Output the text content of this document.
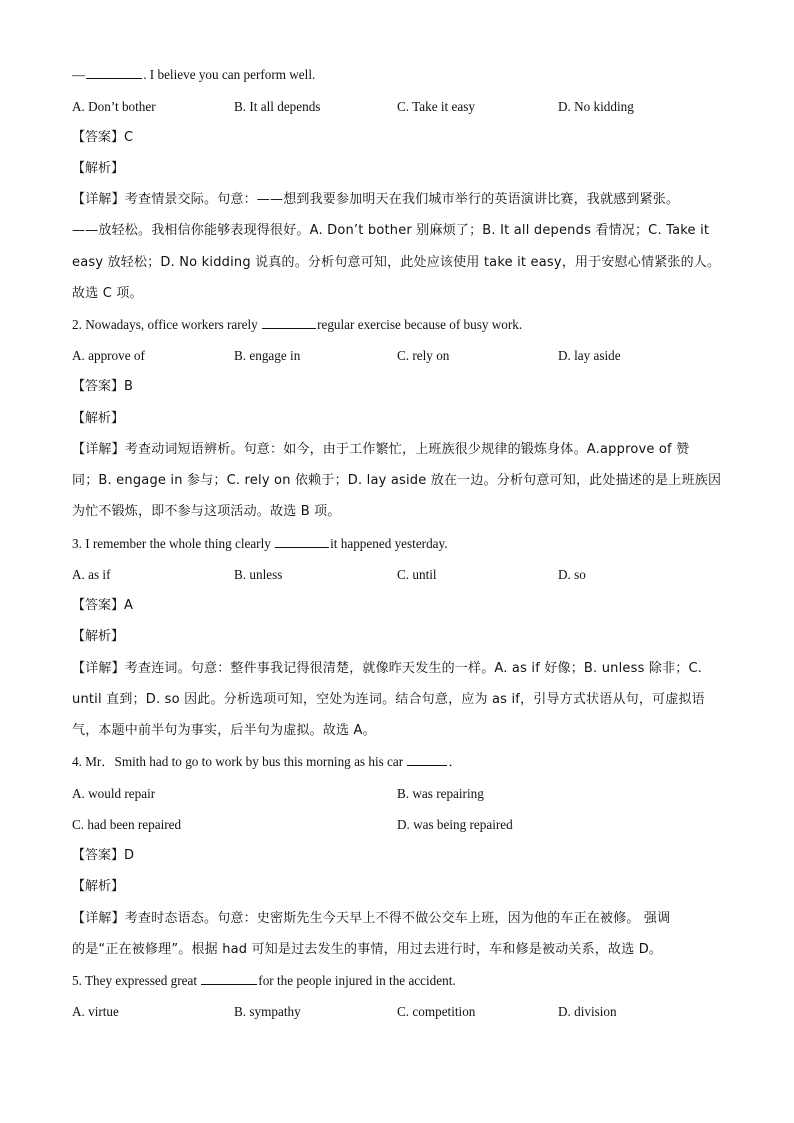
—	. I believe you can perform well.
A. Don’t bother	B. It all depends	C. Take it easy	D. No kidding
【答案】C
【解析】
【详解】考查情景交际。句意：——想到我要参加明天在我们城市举行的英语演讲比赛，我就感到紧张。
——放轻松。我相信你能够表现得很好。A. Don’t bother 别麻烦了；B. It all depends 看情况；C. Take it
easy 放轻松；D. No kidding 说真的。分析句意可知，此处应该使用 take it easy，用于安慰心情紧张的人。
故选 C 项。
2. Nowadays, office workers rarely	regular exercise because of busy work.
A. approve of	B. engage in	C. rely on	D. lay aside
【答案】B
【解析】
【详解】考查动词短语辨析。句意：如今，由于工作繁忙，上班族很少规律的锻炼身体。A.approve of 赞
同；B. engage in 参与；C. rely on 依赖于；D. lay aside 放在一边。分析句意可知，此处描述的是上班族因
为忙不锻炼，即不参与这项活动。故选 B 项。
3. I remember the whole thing clearly	it happened yesterday.
A. as if	B. unless	C. until	D. so
【答案】A
【解析】
【详解】考查连词。句意：整件事我记得很清楚，就像昨天发生的一样。A. as if 好像；B. unless 除非；C.
until 直到；D. so 因此。分析选项可知，空处为连词。结合句意，应为 as if，引导方式状语从句，可虚拟语
气，本题中前半句为事实，后半句为虚拟。故选 A。
4. Mr．Smith had to go to work by bus this morning as his car	．
A. would repair	B. was repairing
C. had been repaired	D. was being repaired
【答案】D
【解析】
【详解】考查时态语态。句意：史密斯先生今天早上不得不做公交车上班，因为他的车正在被修。 强调
的是“正在被修理”。根据 had 可知是过去发生的事情，用过去进行时，车和修是被动关系，故选 D。
5. They expressed great	for the people injured in the accident.
A. virtue	B. sympathy	C. competition	D. division
